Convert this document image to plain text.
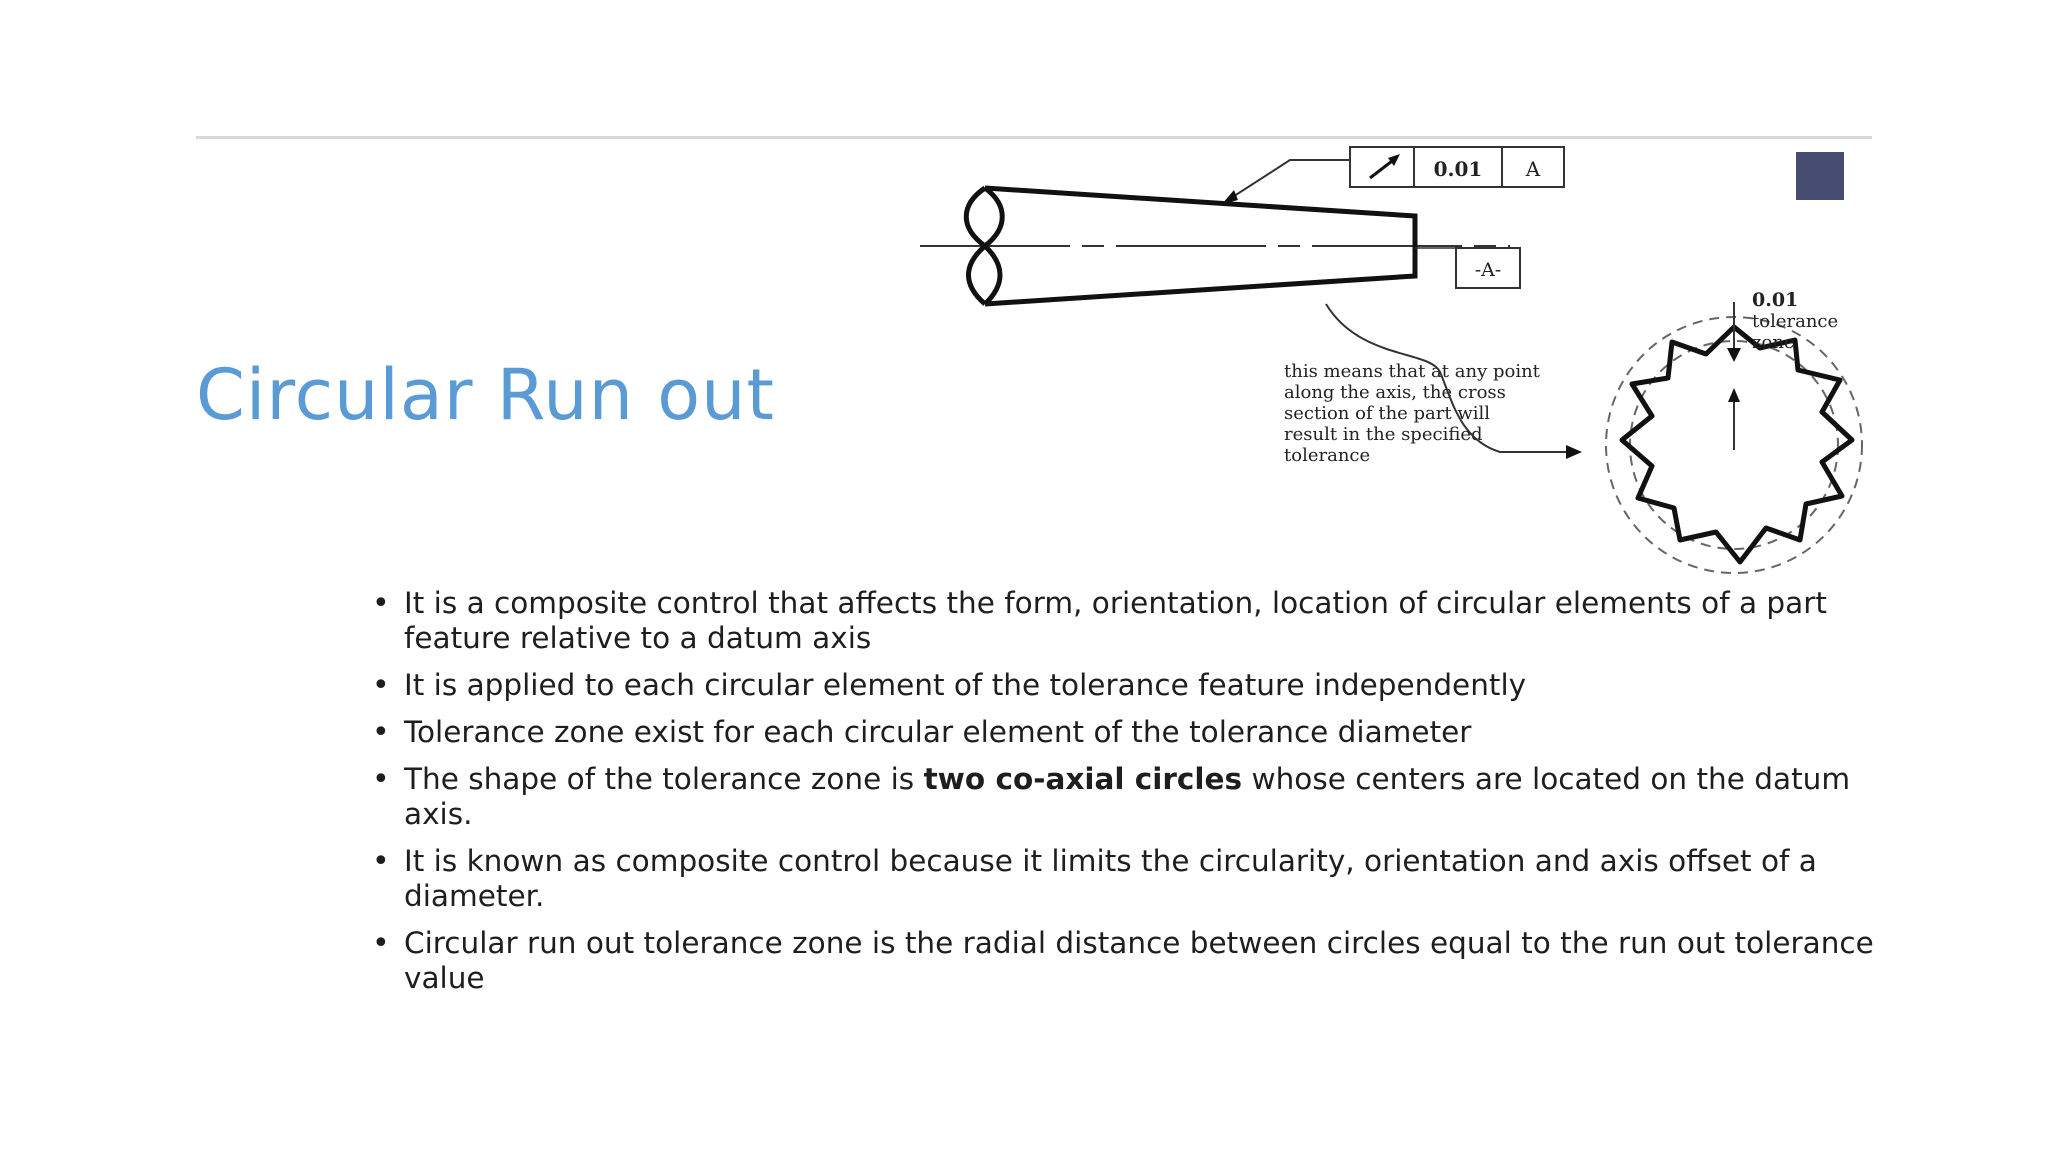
0.01 A
-A-
this means that at any point
along the axis, the cross
section of the part will
result in the specified
tolerance
0.01
tolerance
zone
Circular Run out
• It is a composite control that affects the form, orientation, location of circular elements of a part feature relative to a datum axis
• It is applied to each circular element of the tolerance feature independently
• Tolerance zone exist for each circular element of the tolerance diameter
• The shape of the tolerance zone is two co-axial circles whose centers are located on the datum axis.
• It is known as composite control because it limits the circularity, orientation and axis offset of a diameter.
• Circular run out tolerance zone is the radial distance between circles equal to the run out tolerance value
